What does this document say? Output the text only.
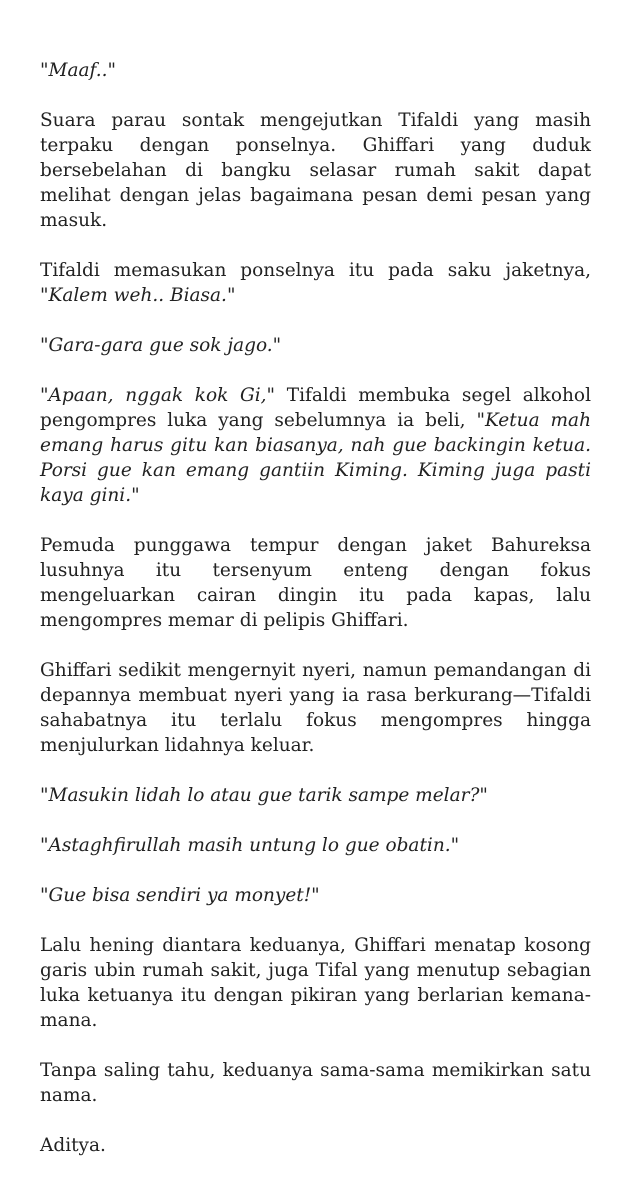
"Maaf.."

Suara parau sontak mengejutkan Tifaldi yang masih terpaku dengan ponselnya. Ghiffari yang duduk bersebelahan di bangku selasar rumah sakit dapat melihat dengan jelas bagaimana pesan demi pesan yang masuk.

Tifaldi memasukan ponselnya itu pada saku jaketnya, "Kalem weh.. Biasa."

"Gara-gara gue sok jago."

"Apaan, nggak kok Gi," Tifaldi membuka segel alkohol pengompres luka yang sebelumnya ia beli, "Ketua mah emang harus gitu kan biasanya, nah gue backingin ketua. Porsi gue kan emang gantiin Kiming. Kiming juga pasti kaya gini."

Pemuda punggawa tempur dengan jaket Bahureksa lusuhnya itu tersenyum enteng dengan fokus mengeluarkan cairan dingin itu pada kapas, lalu mengompres memar di pelipis Ghiffari.

Ghiffari sedikit mengernyit nyeri, namun pemandangan di depannya membuat nyeri yang ia rasa berkurang—Tifaldi sahabatnya itu terlalu fokus mengompres hingga menjulurkan lidahnya keluar.

"Masukin lidah lo atau gue tarik sampe melar?"

"Astaghfirullah masih untung lo gue obatin."

"Gue bisa sendiri ya monyet!"

Lalu hening diantara keduanya, Ghiffari menatap kosong garis ubin rumah sakit, juga Tifal yang menutup sebagian luka ketuanya itu dengan pikiran yang berlarian kemana-mana.

Tanpa saling tahu, keduanya sama-sama memikirkan satu nama.

Aditya.
